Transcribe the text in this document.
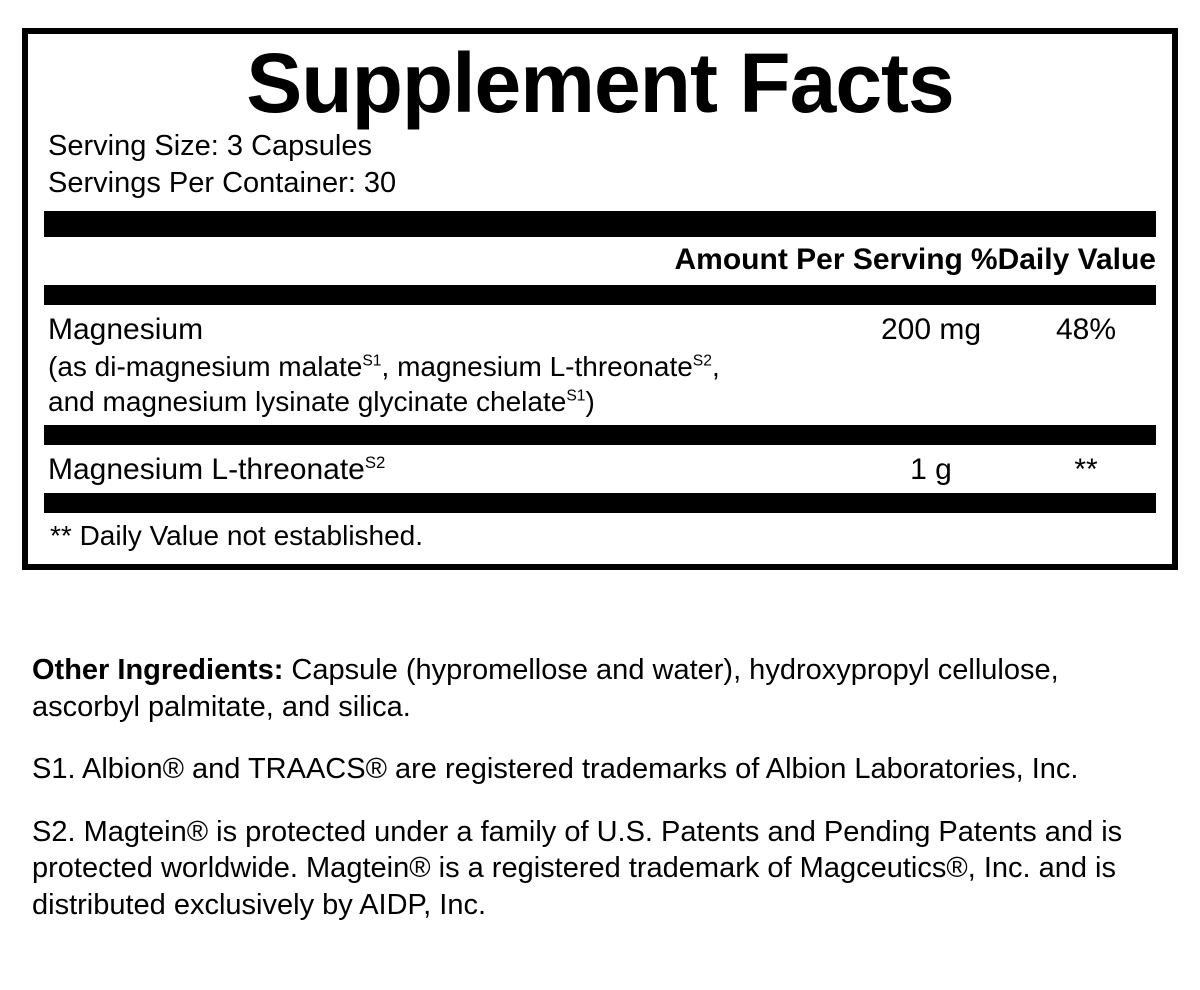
Supplement Facts
Serving Size: 3 Capsules
Servings Per Container: 30
Amount Per Serving %Daily Value
Magnesium	200 mg	48%
(as di-magnesium malate$^{S1}$, magnesium L-threonate$^{S2}$,
and magnesium lysinate glycinate chelate$^{S1}$)
Magnesium L-threonate$^{S2}$	1 g	**
** Daily Value not established.

Other Ingredients: Capsule (hypromellose and water), hydroxypropyl cellulose, ascorbyl palmitate, and silica.

S1. Albion® and TRAACS® are registered trademarks of Albion Laboratories, Inc.

S2. Magtein® is protected under a family of U.S. Patents and Pending Patents and is protected worldwide. Magtein® is a registered trademark of Magceutics®, Inc. and is distributed exclusively by AIDP, Inc.
